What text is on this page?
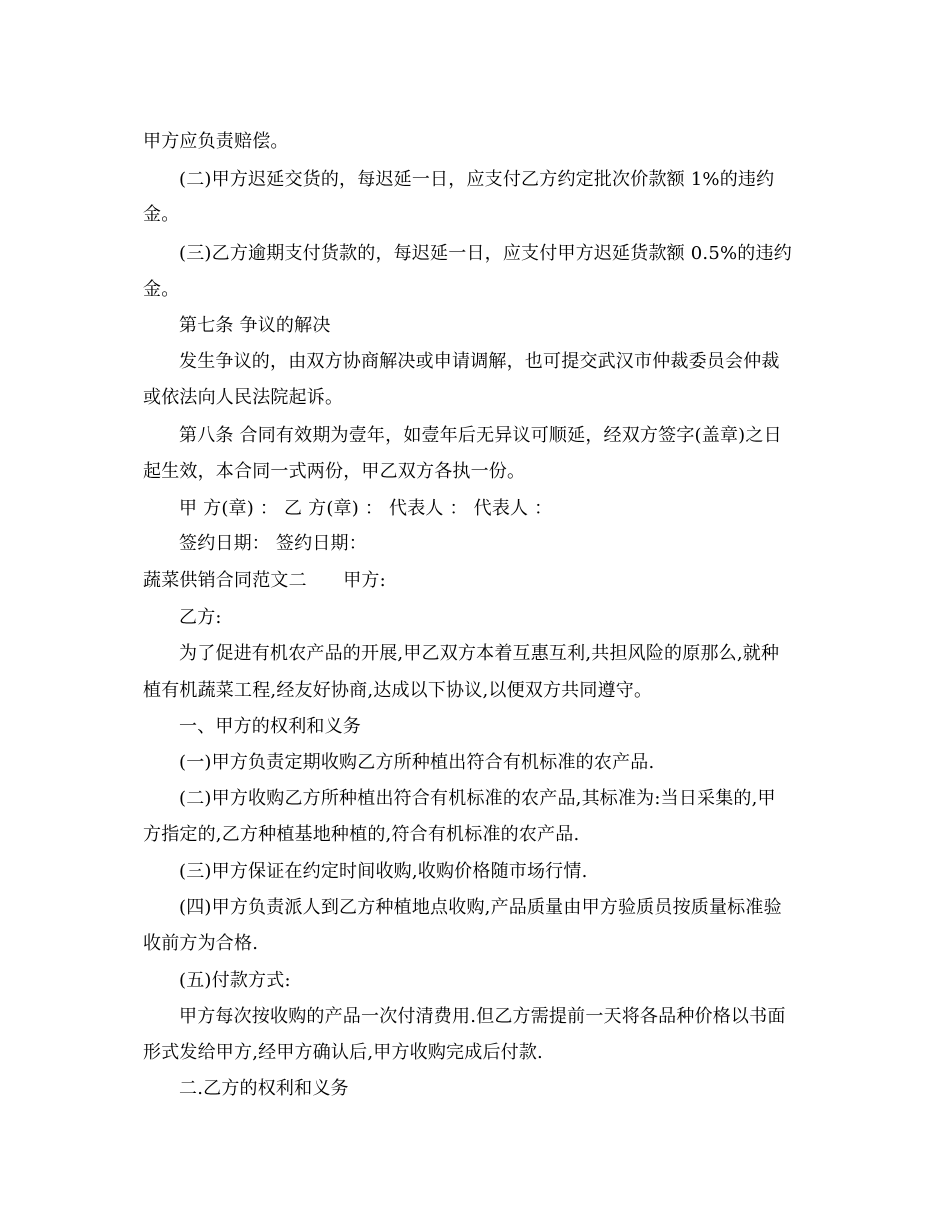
甲方应负责赔偿。
(二)甲方迟延交货的，每迟延一日，应支付乙方约定批次价款额 1%的违约
金。
(三)乙方逾期支付货款的，每迟延一日，应支付甲方迟延货款额 0.5%的违约
金。
第七条 争议的解决
发生争议的，由双方协商解决或申请调解，也可提交武汉市仲裁委员会仲裁
或依法向人民法院起诉。
第八条 合同有效期为壹年，如壹年后无异议可顺延，经双方签字(盖章)之日
起生效，本合同一式两份，甲乙双方各执一份。
甲 方(章) ： 乙 方(章) ： 代表人 ： 代表人 ：
签约日期： 签约日期：
蔬菜供销合同范文二　　甲方:
乙方:
为了促进有机农产品的开展,甲乙双方本着互惠互利,共担风险的原那么,就种
植有机蔬菜工程,经友好协商,达成以下协议,以便双方共同遵守。
一、甲方的权利和义务
(一)甲方负责定期收购乙方所种植出符合有机标准的农产品.
(二)甲方收购乙方所种植出符合有机标准的农产品,其标准为:当日采集的,甲
方指定的,乙方种植基地种植的,符合有机标准的农产品.
(三)甲方保证在约定时间收购,收购价格随市场行情.
(四)甲方负责派人到乙方种植地点收购,产品质量由甲方验质员按质量标准验
收前方为合格.
(五)付款方式:
甲方每次按收购的产品一次付清费用.但乙方需提前一天将各品种价格以书面
形式发给甲方,经甲方确认后,甲方收购完成后付款.
二.乙方的权利和义务
